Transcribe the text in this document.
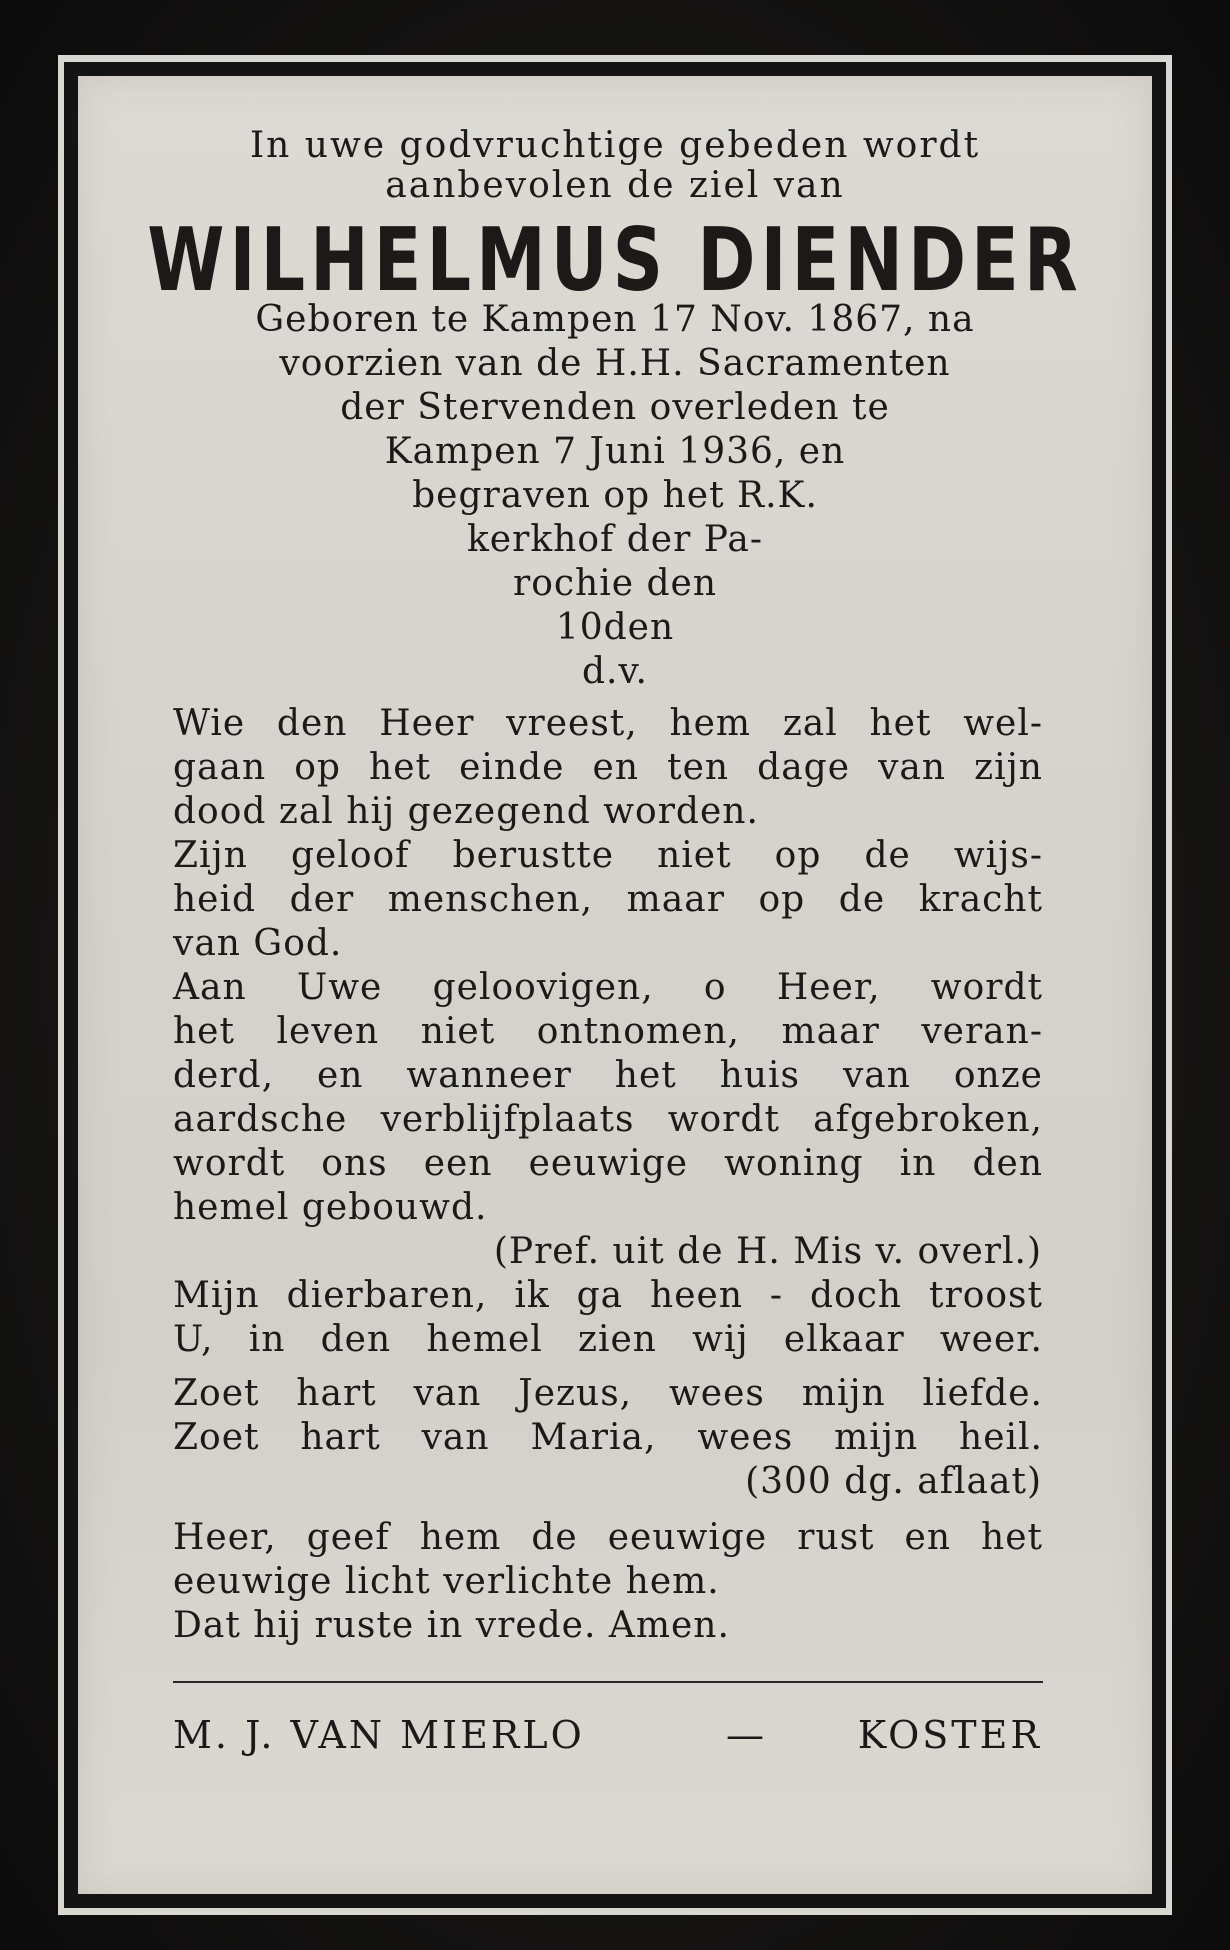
In uwe godvruchtige gebeden wordt
aanbevolen de ziel van
WILHELMUS DIENDER
Geboren te Kampen 17 Nov. 1867, na
voorzien van de H.H. Sacramenten
der Stervenden overleden te
Kampen 7 Juni 1936, en
begraven op het R.K.
kerkhof der Pa-
rochie den
10den
d.v.
Wie den Heer vreest, hem zal het wel-
gaan op het einde en ten dage van zijn
dood zal hij gezegend worden.
Zijn geloof berustte niet op de wijs-
heid der menschen, maar op de kracht
van God.
Aan Uwe geloovigen, o Heer, wordt
het leven niet ontnomen, maar veran-
derd, en wanneer het huis van onze
aardsche verblijfplaats wordt afgebroken,
wordt ons een eeuwige woning in den
hemel gebouwd.
(Pref. uit de H. Mis v. overl.)
Mijn dierbaren, ik ga heen - doch troost
U, in den hemel zien wij elkaar weer.
Zoet hart van Jezus, wees mijn liefde.
Zoet hart van Maria, wees mijn heil.
(300 dg. aflaat)
Heer, geef hem de eeuwige rust en het
eeuwige licht verlichte hem.
Dat hij ruste in vrede. Amen.
M. J. VAN MIERLO	— KOSTER
